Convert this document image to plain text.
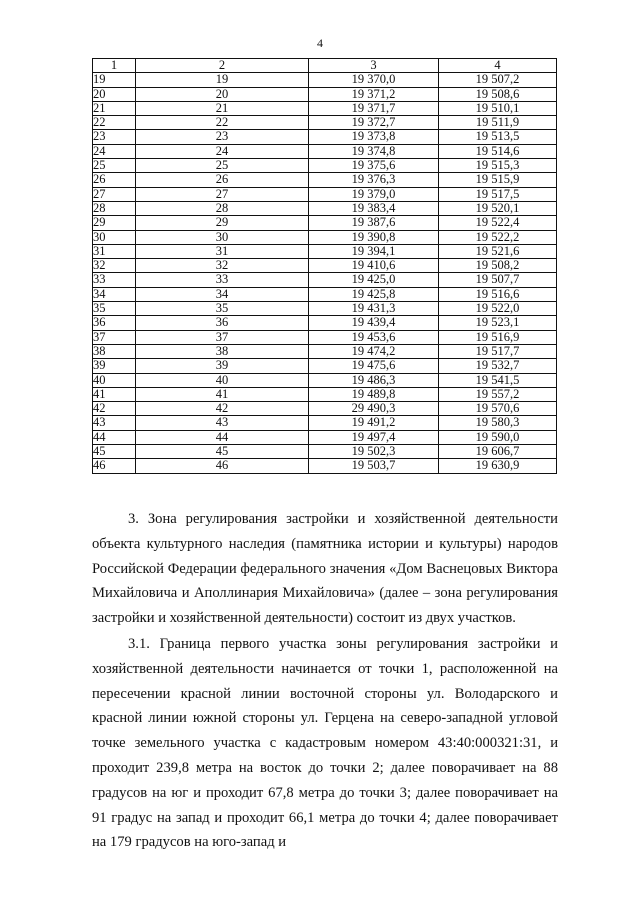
4
1	2	3	4
19	19	19 370,0	19 507,2
20	20	19 371,2	19 508,6
21	21	19 371,7	19 510,1
22	22	19 372,7	19 511,9
23	23	19 373,8	19 513,5
24	24	19 374,8	19 514,6
25	25	19 375,6	19 515,3
26	26	19 376,3	19 515,9
27	27	19 379,0	19 517,5
28	28	19 383,4	19 520,1
29	29	19 387,6	19 522,4
30	30	19 390,8	19 522,2
31	31	19 394,1	19 521,6
32	32	19 410,6	19 508,2
33	33	19 425,0	19 507,7
34	34	19 425,8	19 516,6
35	35	19 431,3	19 522,0
36	36	19 439,4	19 523,1
37	37	19 453,6	19 516,9
38	38	19 474,2	19 517,7
39	39	19 475,6	19 532,7
40	40	19 486,3	19 541,5
41	41	19 489,8	19 557,2
42	42	29 490,3	19 570,6
43	43	19 491,2	19 580,3
44	44	19 497,4	19 590,0
45	45	19 502,3	19 606,7
46	46	19 503,7	19 630,9

3. Зона регулирования застройки и хозяйственной деятельности объекта культурного наследия (памятника истории и культуры) народов Российской Федерации федерального значения «Дом Васнецовых Виктора Михайловича и Аполлинария Михайловича» (далее – зона регулирования застройки и хозяйственной деятельности) состоит из двух участков.

3.1. Граница первого участка зоны регулирования застройки и хозяйственной деятельности начинается от точки 1, расположенной на пересечении красной линии восточной стороны ул. Володарского и красной линии южной стороны ул. Герцена на северо-западной угловой точке земельного участка с кадастровым номером 43:40:000321:31, и проходит 239,8 метра на восток до точки 2; далее поворачивает на 88 градусов на юг и проходит 67,8 метра до точки 3; далее поворачивает на 91 градус на запад и проходит 66,1 метра до точки 4; далее поворачивает на 179 градусов на юго-запад и
